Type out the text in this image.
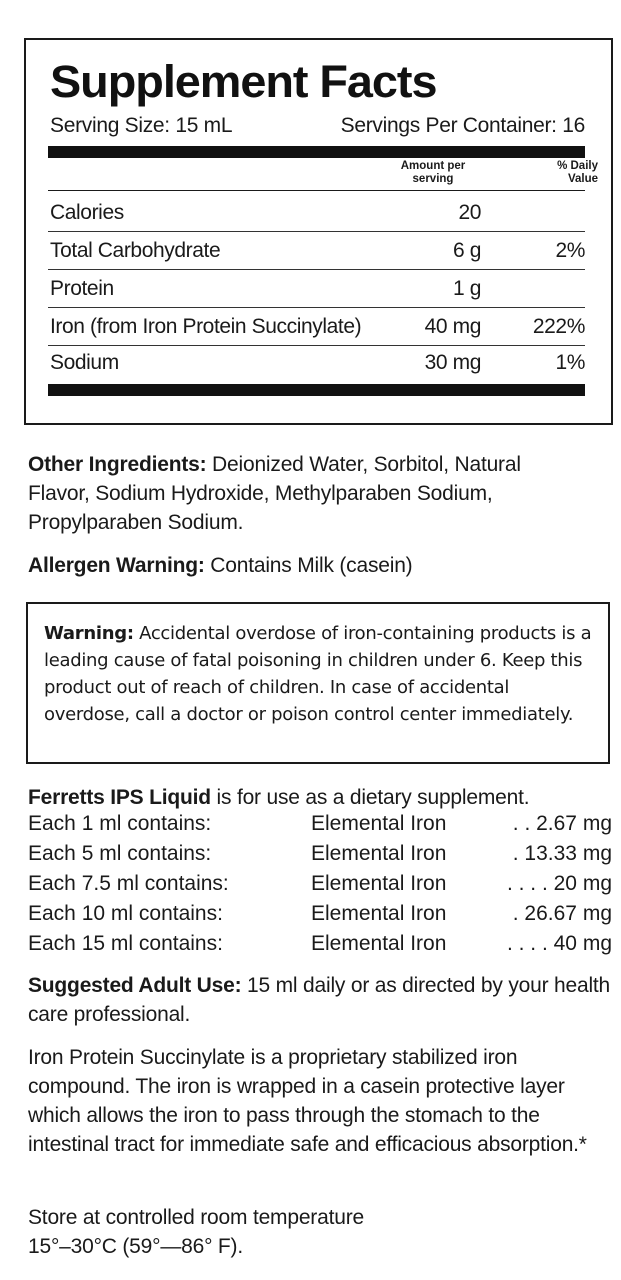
Supplement Facts
Serving Size: 15 mL	Servings Per Container: 16
Amount per serving
% Daily Value
Calories	20
Total Carbohydrate	6 g	2%
Protein	1 g
Iron (from Iron Protein Succinylate)	40 mg 222%
Sodium	30 mg	1%
Other Ingredients: Deionized Water, Sorbitol, Natural Flavor, Sodium Hydroxide, Methylparaben Sodium, Propylparaben Sodium.
Allergen Warning: Contains Milk (casein)
Warning: Accidental overdose of iron-containing products is a leading cause of fatal poisoning in children under 6. Keep this product out of reach of children. In case of accidental overdose, call a doctor or poison control center immediately.
Ferretts IPS Liquid is for use as a dietary supplement.
Each 1 ml contains:	Elemental Iron	. . 2.67 mg
Each 5 ml contains:	Elemental Iron	. 13.33 mg
Each 7.5 ml contains:	Elemental Iron	. . . . 20 mg
Each 10 ml contains:	Elemental Iron	. 26.67 mg
Each 15 ml contains:	Elemental Iron	. . . . 40 mg
Suggested Adult Use: 15 ml daily or as directed by your health care professional.
Iron Protein Succinylate is a proprietary stabilized iron compound. The iron is wrapped in a casein protective layer which allows the iron to pass through the stomach to the intestinal tract for immediate safe and efficacious absorption.*
Store at controlled room temperature
15°–30°C (59°—86° F).
